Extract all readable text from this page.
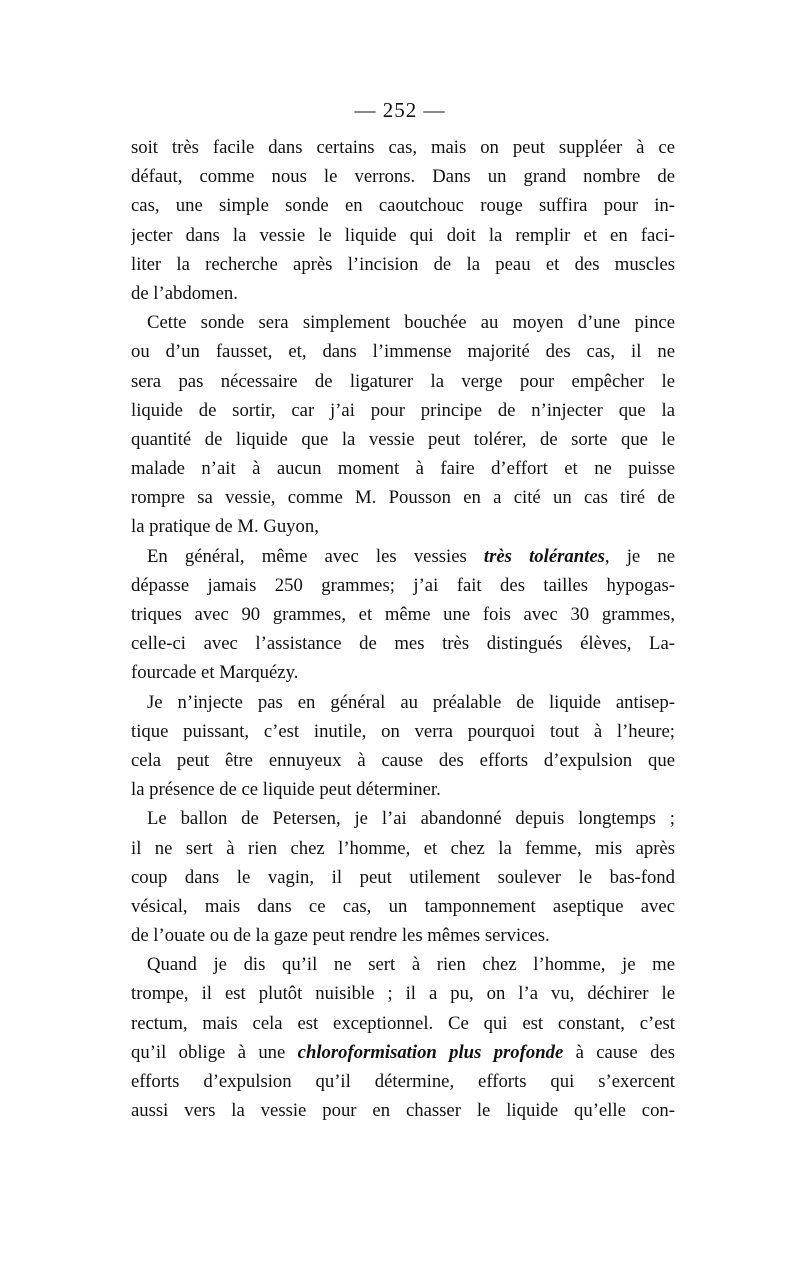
— 252 —
soit très facile dans certains cas, mais on peut suppléer à ce
défaut, comme nous le verrons. Dans un grand nombre de
cas, une simple sonde en caoutchouc rouge suffira pour in-
jecter dans la vessie le liquide qui doit la remplir et en faci-
liter la recherche après l’incision de la peau et des muscles
de l’abdomen.
Cette sonde sera simplement bouchée au moyen d’une pince
ou d’un fausset, et, dans l’immense majorité des cas, il ne
sera pas nécessaire de ligaturer la verge pour empêcher le
liquide de sortir, car j’ai pour principe de n’injecter que la
quantité de liquide que la vessie peut tolérer, de sorte que le
malade n’ait à aucun moment à faire d’effort et ne puisse
rompre sa vessie, comme M. Pousson en a cité un cas tiré de
la pratique de M. Guyon,
En général, même avec les vessies très tolérantes, je ne
dépasse jamais 250 grammes; j’ai fait des tailles hypogas-
triques avec 90 grammes, et même une fois avec 30 grammes,
celle-ci avec l’assistance de mes très distingués élèves, La-
fourcade et Marquézy.
Je n’injecte pas en général au préalable de liquide antisep-
tique puissant, c’est inutile, on verra pourquoi tout à l’heure;
cela peut être ennuyeux à cause des efforts d’expulsion que
la présence de ce liquide peut déterminer.
Le ballon de Petersen, je l’ai abandonné depuis longtemps ;
il ne sert à rien chez l’homme, et chez la femme, mis après
coup dans le vagin, il peut utilement soulever le bas-fond
vésical, mais dans ce cas, un tamponnement aseptique avec
de l’ouate ou de la gaze peut rendre les mêmes services.
Quand je dis qu’il ne sert à rien chez l’homme, je me
trompe, il est plutôt nuisible ; il a pu, on l’a vu, déchirer le
rectum, mais cela est exceptionnel. Ce qui est constant, c’est
qu’il oblige à une chloroformisation plus profonde à cause des
efforts d’expulsion qu’il détermine, efforts qui s’exercent
aussi vers la vessie pour en chasser le liquide qu’elle con-
